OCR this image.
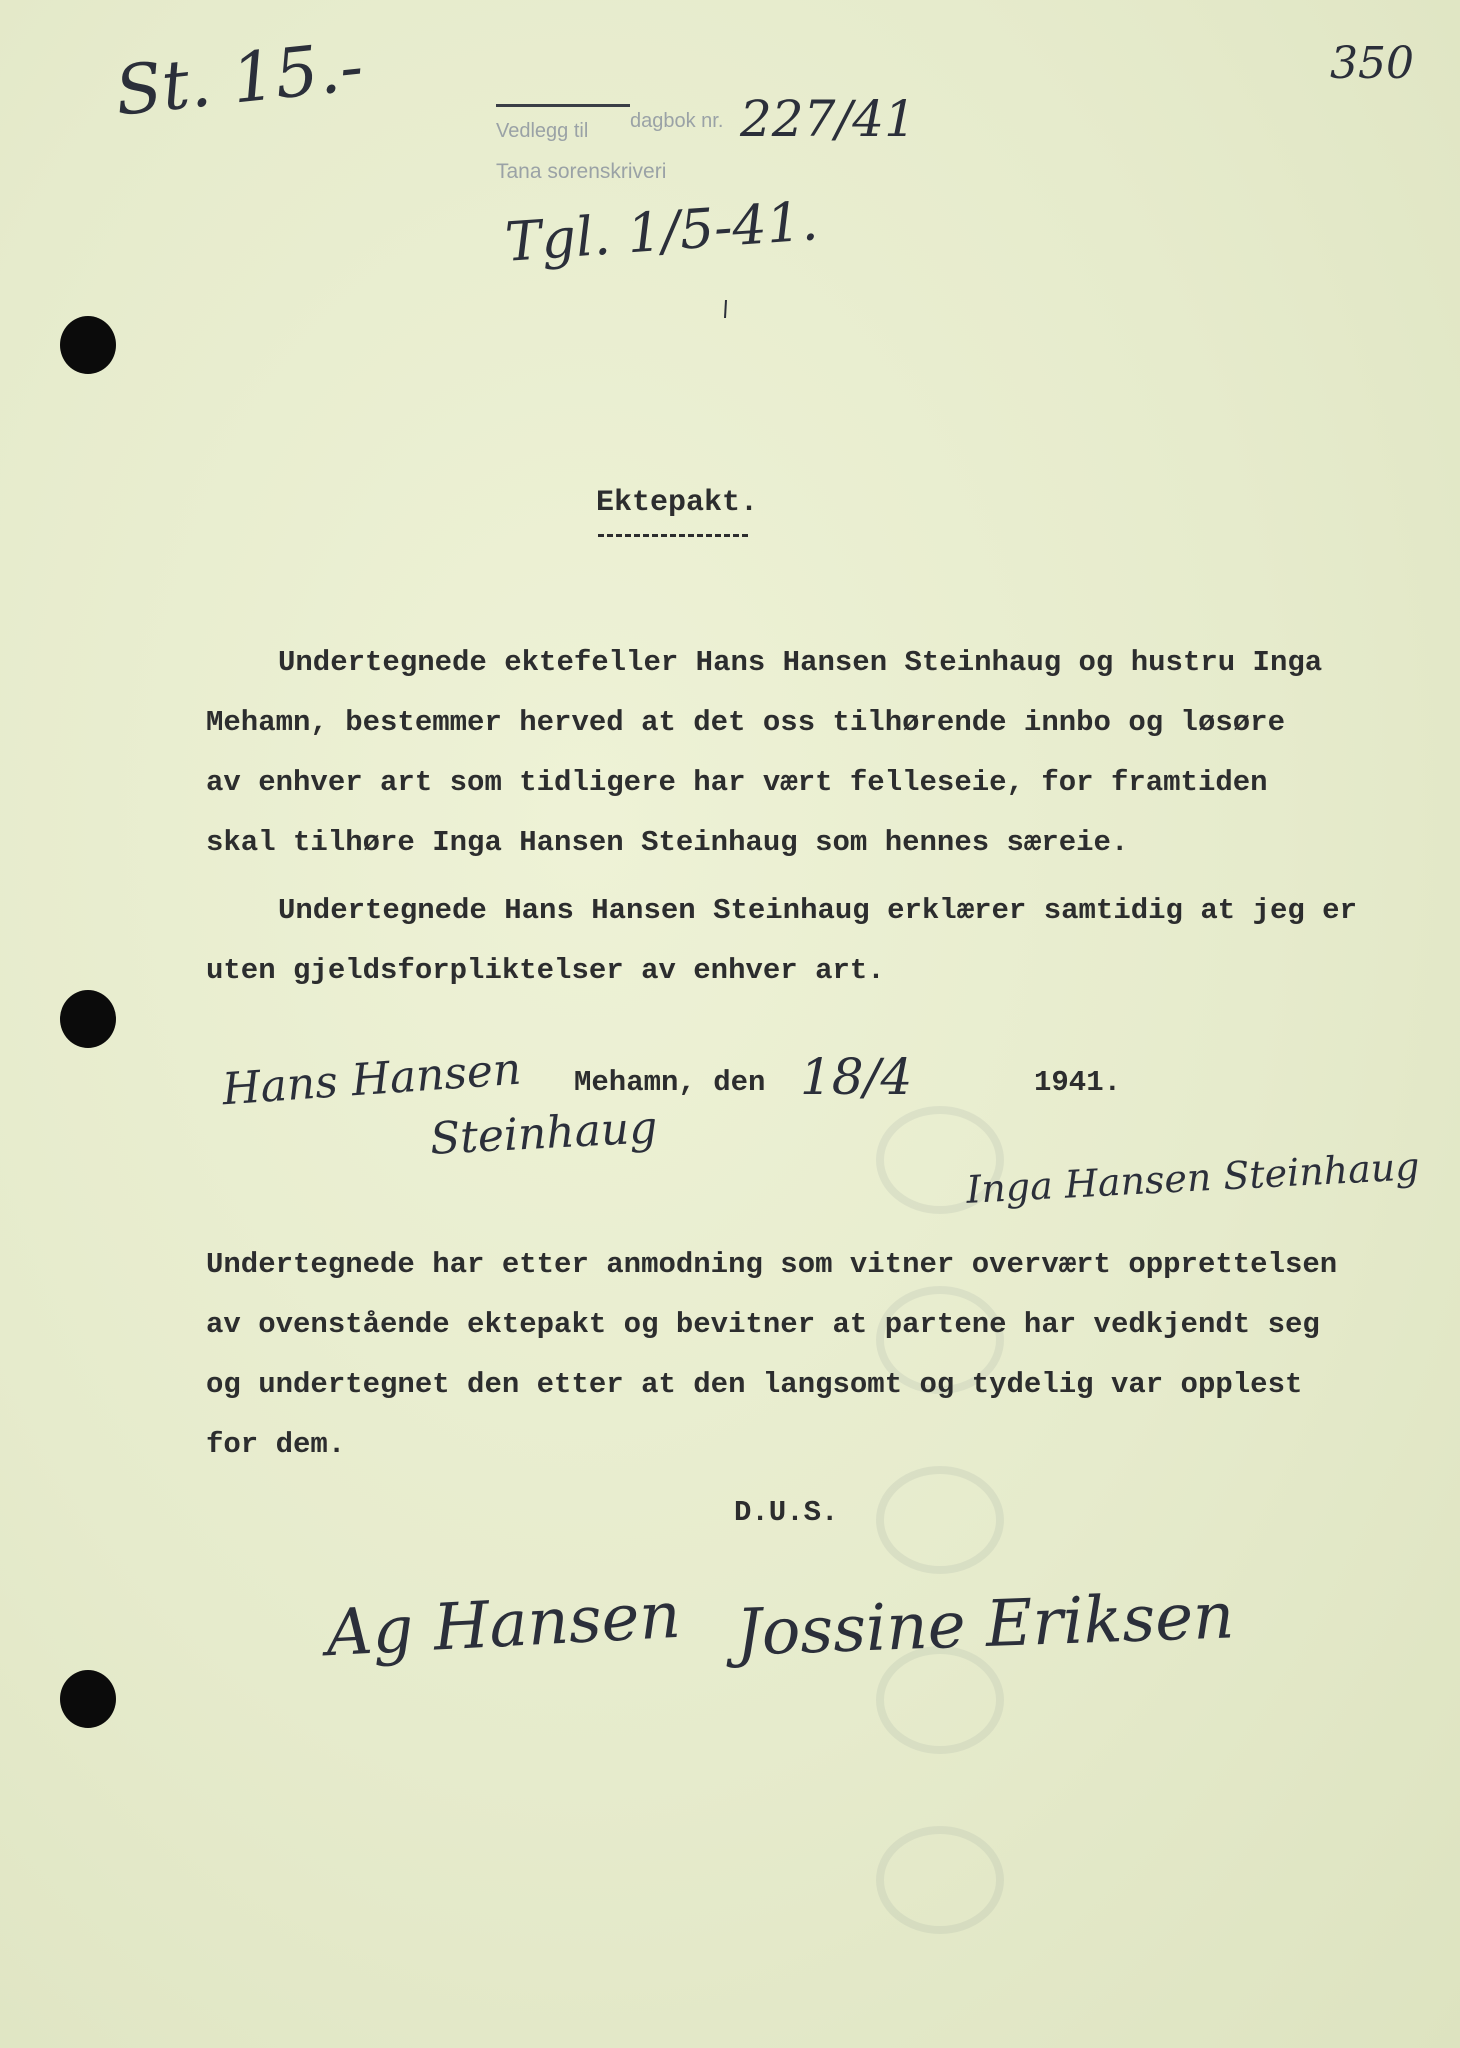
St. 15.-	350
Vedlegg til dagbok nr. 227/41
Tana sorenskriveri
Tgl. 1/5-41.
Ektepakt.
Undertegnede ektefeller Hans Hansen Steinhaug og hustru Inga
Mehamn, bestemmer herved at det oss tilhørende innbo og løsøre
av enhver art som tidligere har vært felleseie, for framtiden
skal tilhøre Inga Hansen Steinhaug som hennes særeie.
Undertegnede Hans Hansen Steinhaug erklærer samtidig at jeg er
uten gjeldsforpliktelser av enhver art.
Hans Hansen
Steinhaug
Mehamn, den 18/4	1941.
Inga Hansen Steinhaug
Undertegnede har etter anmodning som vitner overvært opprettelsen
av ovenstående ektepakt og bevitner at partene har vedkjendt seg
og undertegnet den etter at den langsomt og tydelig var opplest
for dem.
D.U.S.
Ag Hansen Jossine Eriksen
